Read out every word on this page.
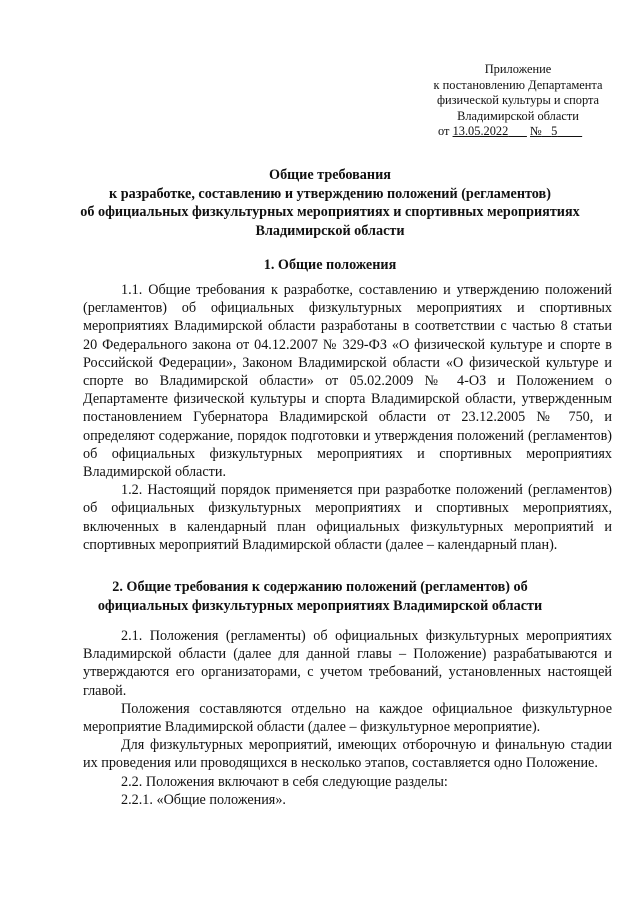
Приложение
к постановлению Департамента
физической культуры и спорта
Владимирской области
от 13.05.2022 № 5
Общие требования
к разработке, составлению и утверждению положений (регламентов)
об официальных физкультурных мероприятиях и спортивных мероприятиях
Владимирской области
1. Общие положения

1.1. Общие требования к разработке, составлению и утверждению положений (регламентов) об официальных физкультурных мероприятиях и спортивных мероприятиях Владимирской области разработаны в соответствии с частью 8 статьи 20 Федерального закона от 04.12.2007 № 329-ФЗ «О физической культуре и спорте в Российской Федерации», Законом Владимирской области «О физической культуре и спорте во Владимирской области» от 05.02.2009 № 4-ОЗ и Положением о Департаменте физической культуры и спорта Владимирской области, утвержденным постановлением Губернатора Владимирской области от 23.12.2005 № 750, и определяют содержание, порядок подготовки и утверждения положений (регламентов) об официальных физкультурных мероприятиях и спортивных мероприятиях Владимирской области.

1.2. Настоящий порядок применяется при разработке положений (регламентов) об официальных физкультурных мероприятиях и спортивных мероприятиях, включенных в календарный план официальных физкультурных мероприятий и спортивных мероприятий Владимирской области (далее – календарный план).

2. Общие требования к содержанию положений (регламентов) об
официальных физкультурных мероприятиях Владимирской области

2.1. Положения (регламенты) об официальных физкультурных мероприятиях Владимирской области (далее для данной главы – Положение) разрабатываются и утверждаются его организаторами, с учетом требований, установленных настоящей главой.

Положения составляются отдельно на каждое официальное физкультурное мероприятие Владимирской области (далее – физкультурное мероприятие).

Для физкультурных мероприятий, имеющих отборочную и финальную стадии их проведения или проводящихся в несколько этапов, составляется одно Положение.

2.2. Положения включают в себя следующие разделы:

2.2.1. «Общие положения».
